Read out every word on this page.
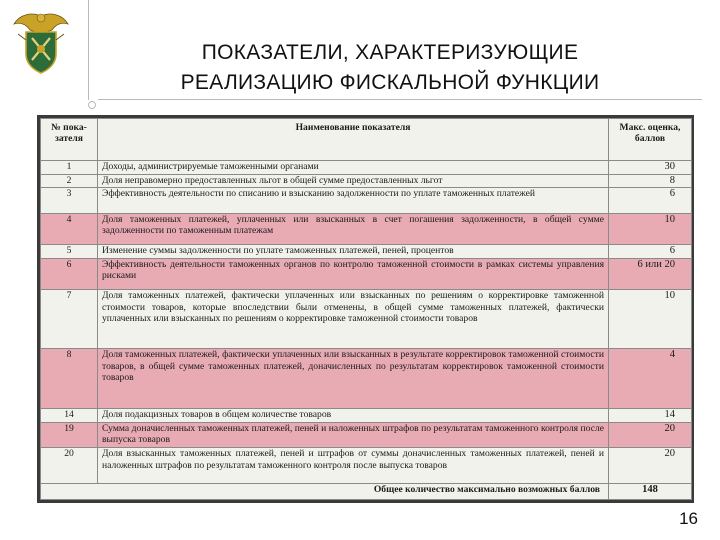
ПОКАЗАТЕЛИ, ХАРАКТЕРИЗУЮЩИЕ
РЕАЛИЗАЦИЮ ФИСКАЛЬНОЙ ФУНКЦИИ
№ пока-зателя	Наименование показателя	Макс. оценка, баллов
1	Доходы, администрируемые таможенными органами	30
2	Доля неправомерно предоставленных льгот в общей сумме предоставленных льгот	8
3	Эффективность деятельности по списанию и взысканию задолженности по уплате таможенных платежей	6
4	Доля таможенных платежей, уплаченных или взысканных в счет погашения задолженности, в общей сумме задолженности по таможенным платежам	10
5	Изменение суммы задолженности по уплате таможенных платежей, пеней, процентов	6
6	Эффективность деятельности таможенных органов по контролю таможенной стоимости в рамках системы управления рисками	6 или 20
7	Доля таможенных платежей, фактически уплаченных или взысканных по решениям о корректировке таможенной стоимости товаров, которые впоследствии были отменены, в общей сумме таможенных платежей, фактически уплаченных или взысканных по решениям о корректировке таможенной стоимости товаров	10
8	Доля таможенных платежей, фактически уплаченных или взысканных в результате корректировок таможенной стоимости товаров, в общей сумме таможенных платежей, доначисленных по результатам корректировок таможенной стоимости товаров	4
14	Доля подакцизных товаров в общем количестве товаров	14
19	Сумма доначисленных таможенных платежей, пеней и наложенных штрафов по результатам таможенного контроля после выпуска товаров	20
20	Доля взысканных таможенных платежей, пеней и штрафов от суммы доначисленных таможенных платежей, пеней и наложенных штрафов по результатам таможенного контроля после выпуска товаров	20
Общее количество максимально возможных баллов		148
16
